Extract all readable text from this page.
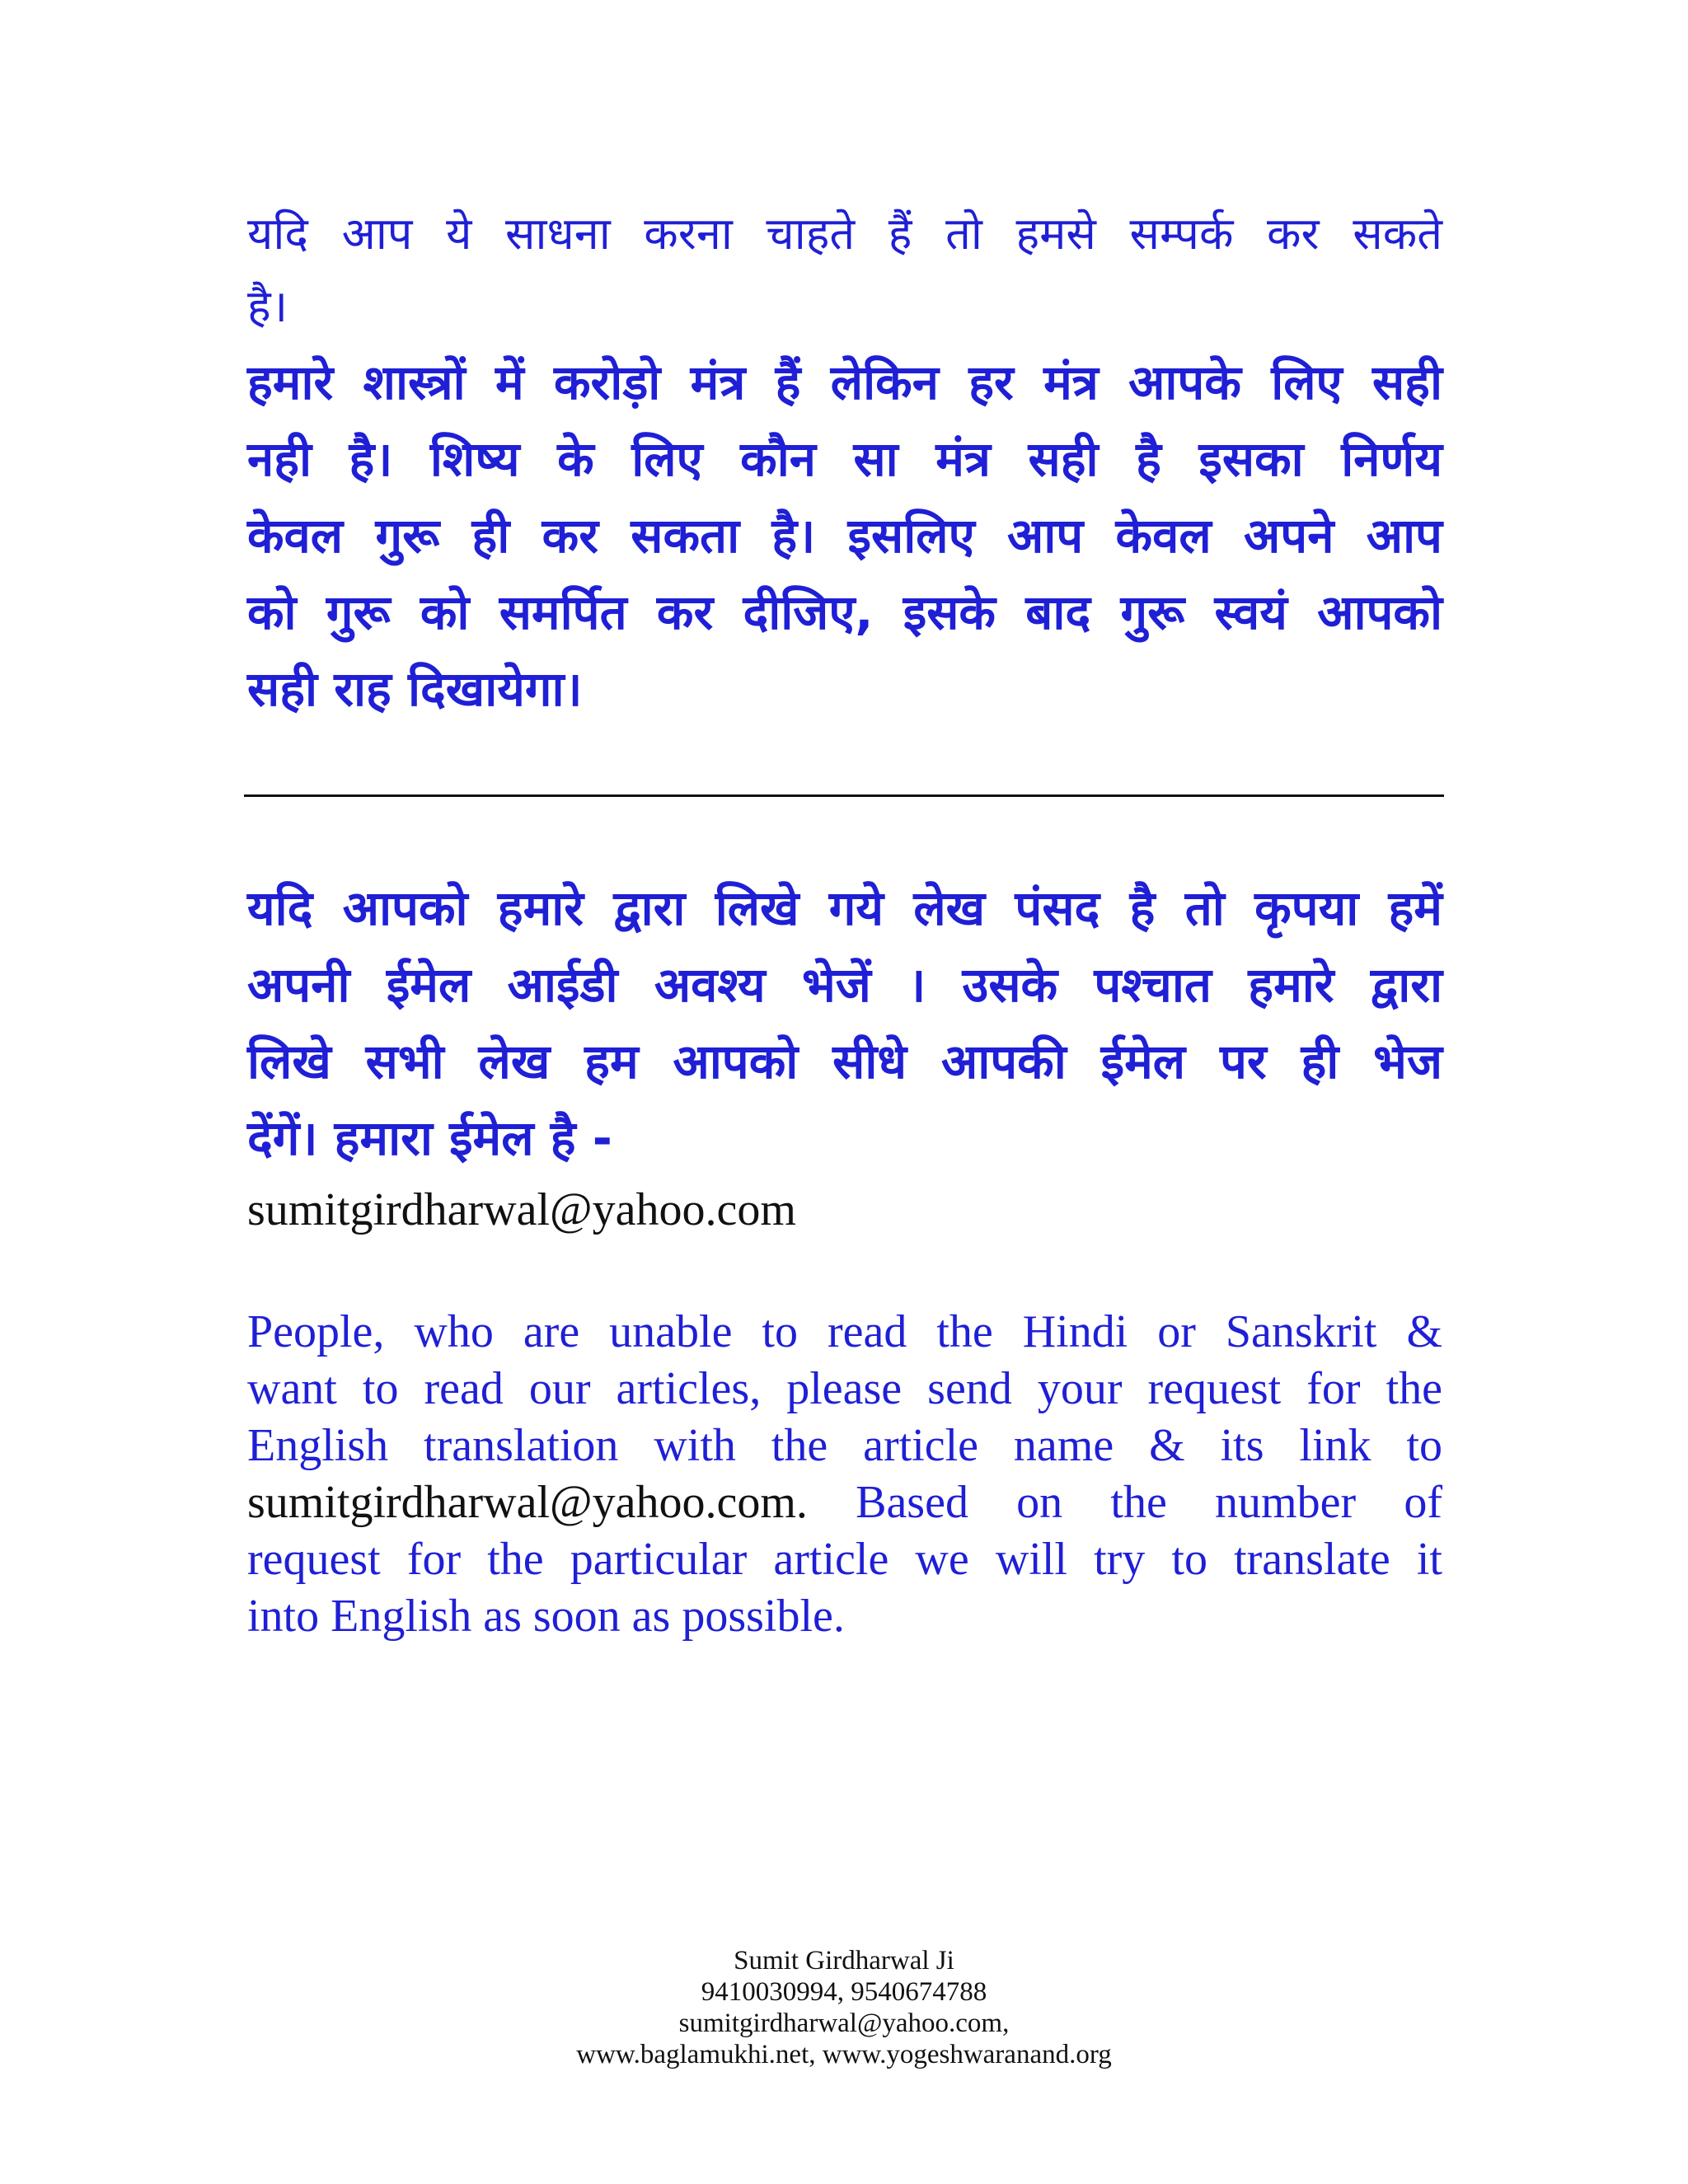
यदि आप ये साधना करना चाहते हैं तो हमसे सम्पर्क कर सकते
है।
हमारे शास्त्रों में करोड़ो मंत्र हैं लेकिन हर मंत्र आपके लिए सही
नही है। शिष्य के लिए कौन सा मंत्र सही है इसका निर्णय
केवल गुरू ही कर सकता है। इसलिए आप केवल अपने आप
को गुरू को समर्पित कर दीजिए, इसके बाद गुरू स्वयं आपको
सही राह दिखायेगा।
यदि आपको हमारे द्वारा लिखे गये लेख पंसद है तो कृपया हमें
अपनी ईमेल आईडी अवश्य भेजें । उसके पश्चात हमारे द्वारा
लिखे सभी लेख हम आपको सीधे आपकी ईमेल पर ही भेज
देंगें। हमारा ईमेल है -
sumitgirdharwal@yahoo.com
People, who are unable to read the Hindi or Sanskrit &
want to read our articles, please send your request for the
English translation with the article name & its link to
sumitgirdharwal@yahoo.com. Based on the number of
request for the particular article we will try to translate it
into English as soon as possible.
Sumit Girdharwal Ji
9410030994, 9540674788
sumitgirdharwal@yahoo.com,
www.baglamukhi.net, www.yogeshwaranand.org
